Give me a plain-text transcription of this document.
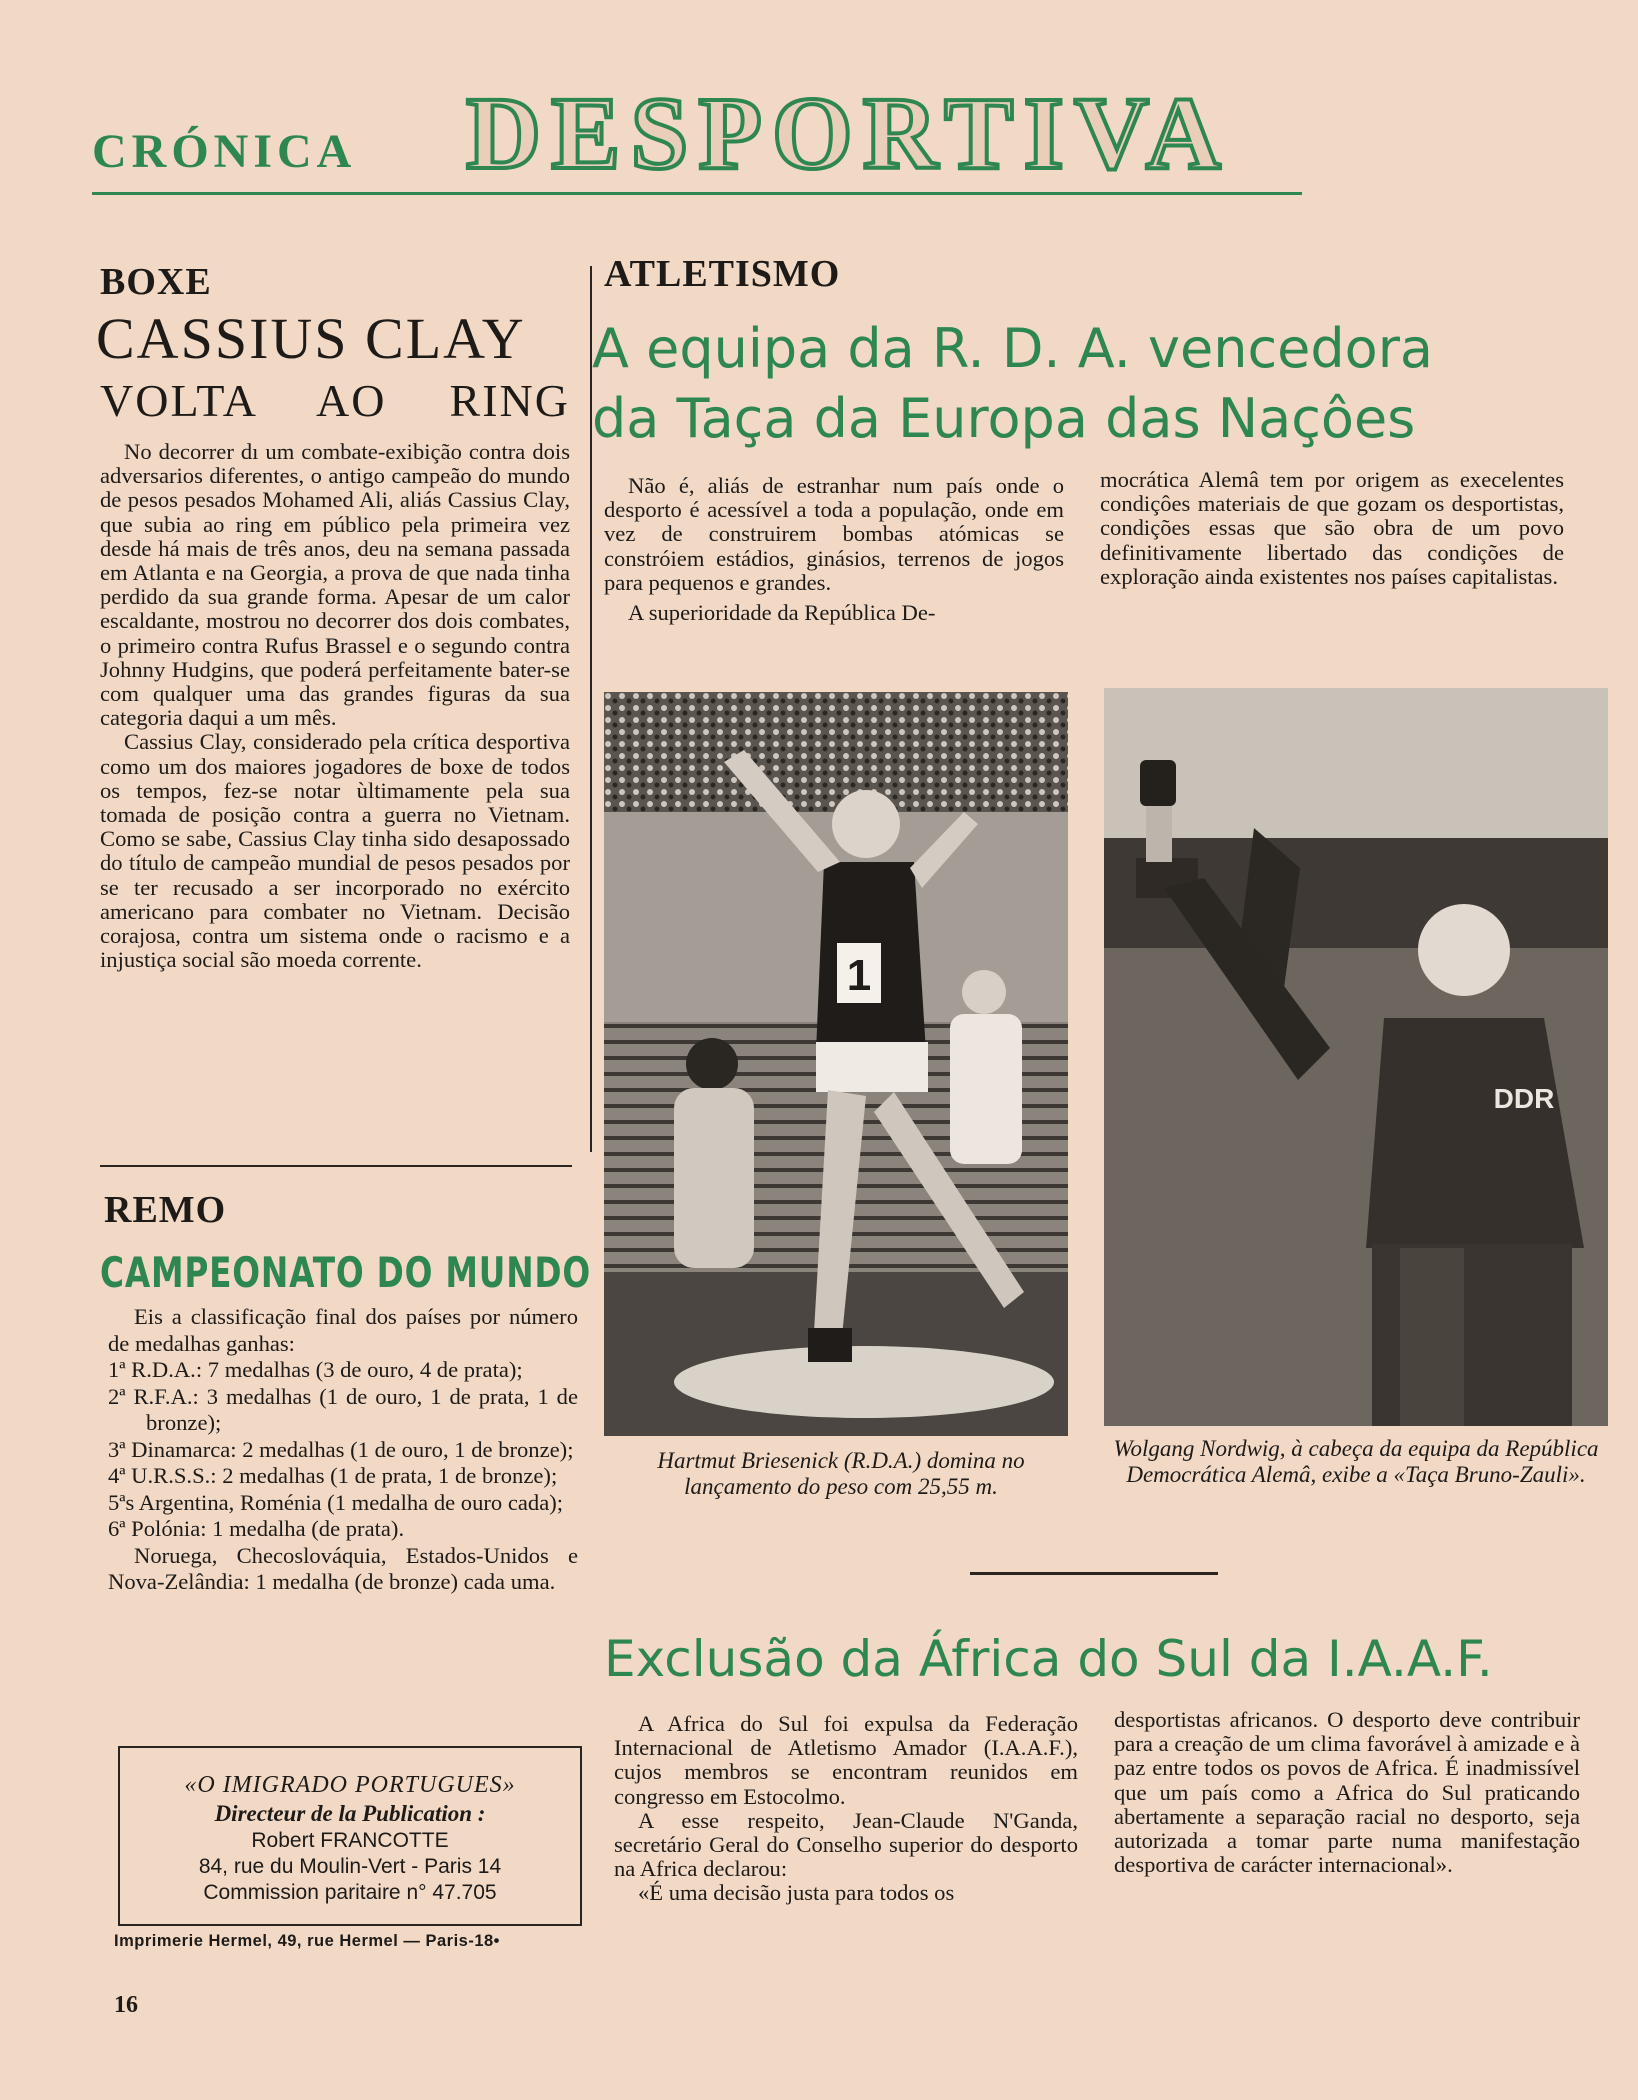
CRÓNICA DESPORTIVA
BOXE
CASSIUS CLAY
VOLTA AO RING

No decorrer dı um combate-exibição contra dois adversarios diferentes, o antigo campeão do mundo de pesos pesados Mohamed Ali, aliás Cassius Clay, que subia ao ring em público pela primeira vez desde há mais de três anos, deu na semana passada em Atlanta e na Georgia, a prova de que nada tinha perdido da sua grande forma. Apesar de um calor escaldante, mostrou no decorrer dos dois combates, o primeiro contra Rufus Brassel e o segundo contra Johnny Hudgins, que poderá perfeitamente bater-se com qualquer uma das grandes figuras da sua categoria daqui a um mês.

Cassius Clay, considerado pela crítica desportiva como um dos maiores jogadores de boxe de todos os tempos, fez-se notar ùltimamente pela sua tomada de posição contra a guerra no Vietnam. Como se sabe, Cassius Clay tinha sido desapossado do título de campeão mundial de pesos pesados por se ter recusado a ser incorporado no exército americano para combater no Vietnam. Decisão corajosa, contra um sistema onde o racismo e a injustiça social são moeda corrente.

REMO
CAMPEONATO DO MUNDO

Eis a classificação final dos países por número de medalhas ganhas:

1ª R.D.A.: 7 medalhas (3 de ouro, 4 de prata);
2ª R.F.A.: 3 medalhas (1 de ouro, 1 de prata, 1 de bronze);
3ª Dinamarca: 2 medalhas (1 de ouro, 1 de bronze);
4ª U.R.S.S.: 2 medalhas (1 de prata, 1 de bronze);
5ªs Argentina, Roménia (1 medalha de ouro cada);
6ª Polónia: 1 medalha (de prata).

Noruega, Checoslováquia, Estados-Unidos e Nova-Zelândia: 1 medalha (de bronze) cada uma.

«O IMIGRADO PORTUGUES»
Directeur de la Publication :
Robert FRANCOTTE
84, rue du Moulin-Vert - Paris 14
Commission paritaire n° 47.705
Imprimerie Hermel, 49, rue Hermel — Paris-18•
16
ATLETISMO
A equipa da R. D. A. vencedora
da Taça da Europa das Naçôes

Não é, aliás de estranhar num país onde o desporto é acessível a toda a população, onde em vez de construirem bombas atómicas se constróiem estádios, ginásios, terrenos de jogos para pequenos e grandes.

A superioridade da República De-

mocrática Alemâ tem por origem as execelentes condiçôes materiais de que gozam os desportistas, condições essas que são obra de um povo definitivamente libertado das condições de exploração ainda existentes nos países capitalistas.

1
DDR
Hartmut Briesenick (R.D.A.) domina no lançamento do peso com 25,55 m.
Wolgang Nordwig, à cabeça da equipa da República Democrática Alemâ, exibe a «Taça Bruno-Zauli».
Exclusão da África do Sul da I.A.A.F.

A Africa do Sul foi expulsa da Federação Internacional de Atletismo Amador (I.A.A.F.), cujos membros se encontram reunidos em congresso em Estocolmo.

A esse respeito, Jean-Claude N'Ganda, secretário Geral do Conselho superior do desporto na Africa declarou:

«É uma decisão justa para todos os

desportistas africanos. O desporto deve contribuir para a creação de um clima favorável à amizade e à paz entre todos os povos de Africa. É inadmissível que um país como a Africa do Sul praticando abertamente a separação racial no desporto, seja autorizada a tomar parte numa manifestação desportiva de carácter internacional».
